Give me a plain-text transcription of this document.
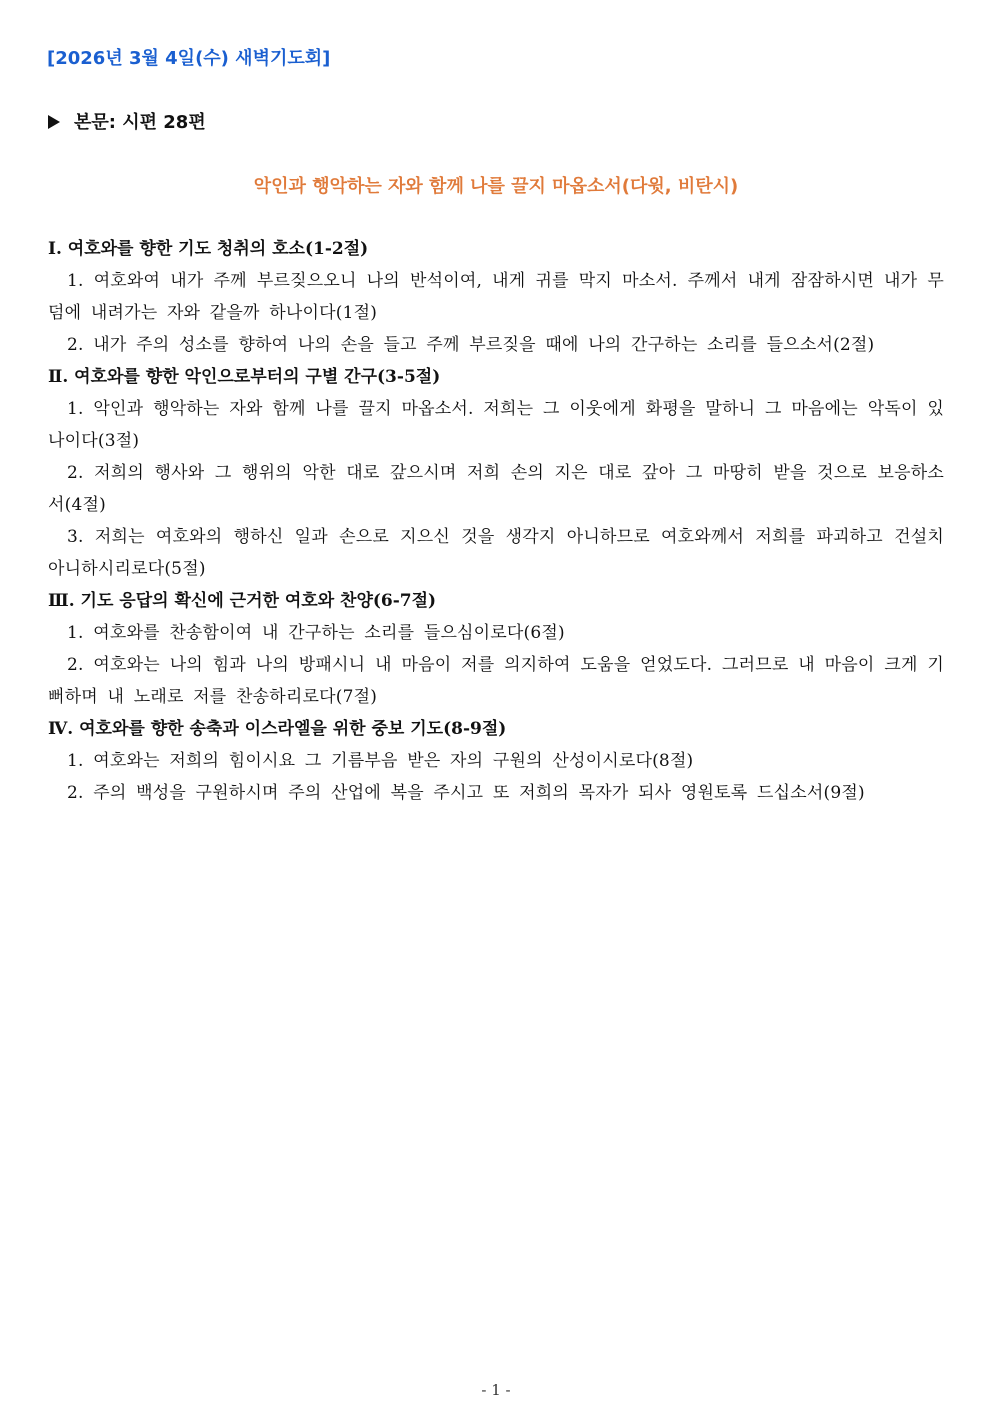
[2026년 3월 4일(수) 새벽기도회]
본문: 시편 28편
악인과 행악하는 자와 함께 나를 끌지 마옵소서(다윗, 비탄시)
Ⅰ. 여호와를 향한 기도 청취의 호소(1-2절)
1. 여호와여 내가 주께 부르짖으오니 나의 반석이여, 내게 귀를 막지 마소서. 주께서 내게 잠잠하시면 내가 무덤에 내려가는 자와 같을까 하나이다(1절)
2. 내가 주의 성소를 향하여 나의 손을 들고 주께 부르짖을 때에 나의 간구하는 소리를 들으소서(2절)
Ⅱ. 여호와를 향한 악인으로부터의 구별 간구(3-5절)
1. 악인과 행악하는 자와 함께 나를 끌지 마옵소서. 저희는 그 이웃에게 화평을 말하니 그 마음에는 악독이 있나이다(3절)
2. 저희의 행사와 그 행위의 악한 대로 갚으시며 저희 손의 지은 대로 갚아 그 마땅히 받을 것으로 보응하소서(4절)
3. 저희는 여호와의 행하신 일과 손으로 지으신 것을 생각지 아니하므로 여호와께서 저희를 파괴하고 건설치 아니하시리로다(5절)
Ⅲ. 기도 응답의 확신에 근거한 여호와 찬양(6-7절)
1. 여호와를 찬송함이여 내 간구하는 소리를 들으심이로다(6절)
2. 여호와는 나의 힘과 나의 방패시니 내 마음이 저를 의지하여 도움을 얻었도다. 그러므로 내 마음이 크게 기뻐하며 내 노래로 저를 찬송하리로다(7절)
Ⅳ. 여호와를 향한 송축과 이스라엘을 위한 중보 기도(8-9절)
1. 여호와는 저희의 힘이시요 그 기름부음 받은 자의 구원의 산성이시로다(8절)
2. 주의 백성을 구원하시며 주의 산업에 복을 주시고 또 저희의 목자가 되사 영원토록 드십소서(9절)
- 1 -
